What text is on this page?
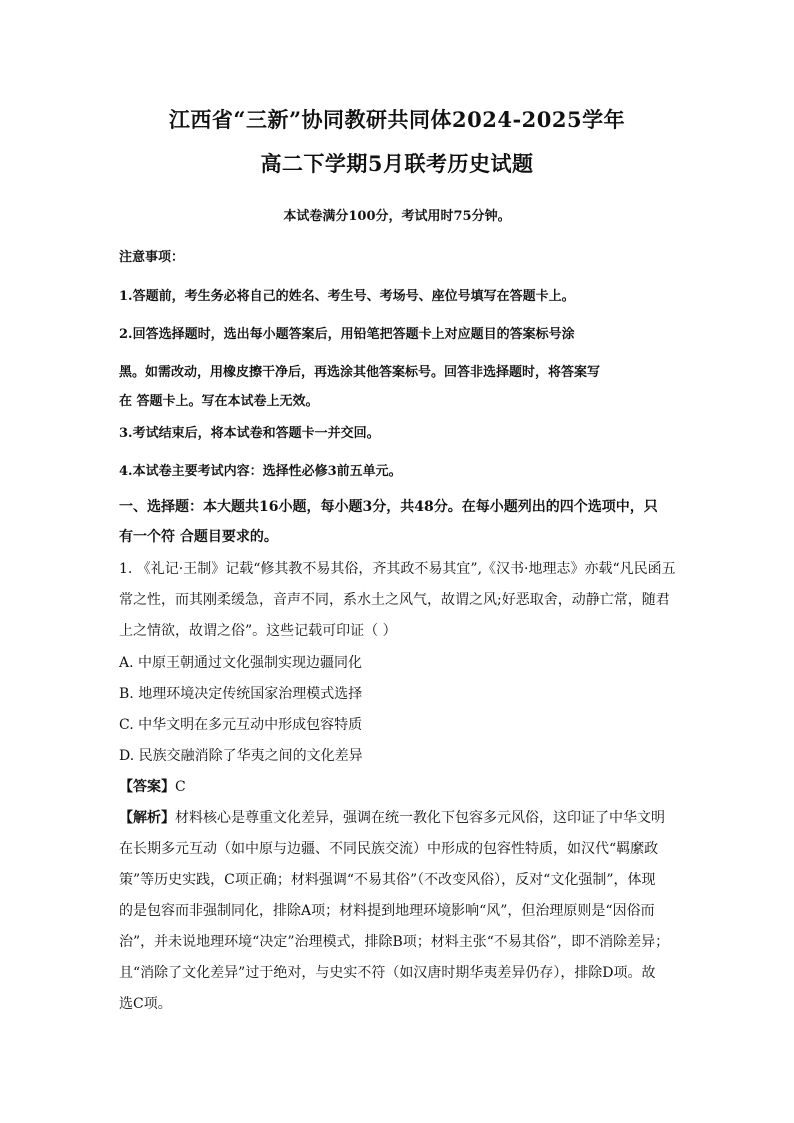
江西省“三新”协同教研共同体2024-2025学年
高二下学期5月联考历史试题
本试卷满分100分，考试用时75分钟。
注意事项：
1.答题前，考生务必将自己的姓名、考生号、考场号、座位号填写在答题卡上。
2.回答选择题时，选出每小题答案后，用铅笔把答题卡上对应题目的答案标号涂
黑。如需改动，用橡皮擦干净后，再选涂其他答案标号。回答非选择题时，将答案写
在 答题卡上。写在本试卷上无效。
3.考试结束后，将本试卷和答题卡一并交回。
4.本试卷主要考试内容：选择性必修3前五单元。
一、选择题：本大题共16小题，每小题3分，共48分。在每小题列出的四个选项中，只
有一个符 合题目要求的。
1. 《礼记·王制》记载“修其教不易其俗，齐其政不易其宜”,《汉书·地理志》亦载“凡民函五
常之性，而其刚柔缓急，音声不同，系水土之风气，故谓之风;好恶取舍，动静亡常，随君
上之情欲，故谓之俗”。这些记载可印证（ ）
A. 中原王朝通过文化强制实现边疆同化
B. 地理环境决定传统国家治理模式选择
C. 中华文明在多元互动中形成包容特质
D. 民族交融消除了华夷之间的文化差异
【答案】C
【解析】材料核心是尊重文化差异，强调在统一教化下包容多元风俗，这印证了中华文明
在长期多元互动（如中原与边疆、不同民族交流）中形成的包容性特质，如汉代“羁縻政
策”等历史实践，C项正确；材料强调“不易其俗”（不改变风俗），反对“文化强制”，体现
的是包容而非强制同化，排除A项；材料提到地理环境影响“风”，但治理原则是“因俗而
治”，并未说地理环境“决定”治理模式，排除B项；材料主张“不易其俗”，即不消除差异；
且“消除了文化差异”过于绝对，与史实不符（如汉唐时期华夷差异仍存），排除D项。故
选C项。
